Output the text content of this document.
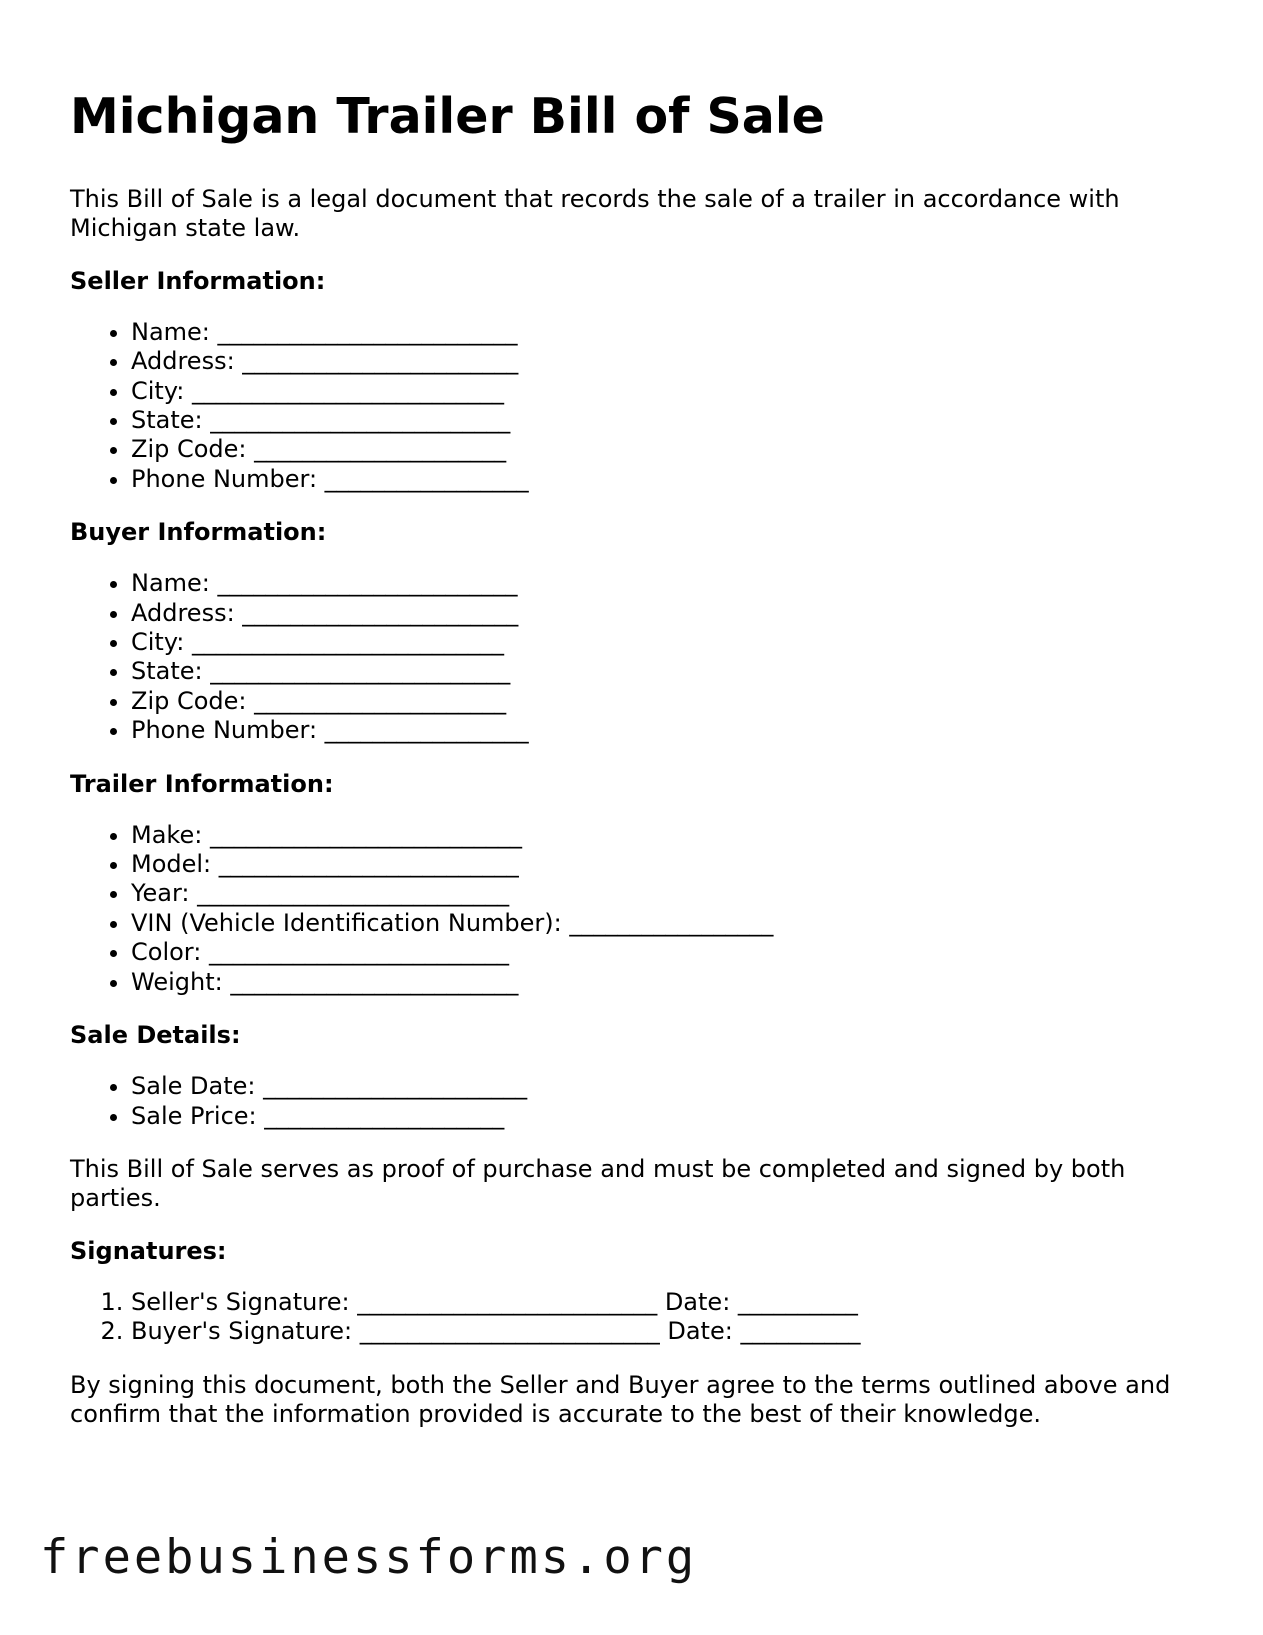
Michigan Trailer Bill of Sale

This Bill of Sale is a legal document that records the sale of a trailer in accordance with Michigan state law.

Seller Information:
• Name: _________________________
• Address: _______________________
• City: __________________________
• State: _________________________
• Zip Code: _____________________
• Phone Number: _________________
Buyer Information:
• Name: _________________________
• Address: _______________________
• City: __________________________
• State: _________________________
• Zip Code: _____________________
• Phone Number: _________________
Trailer Information:
• Make: __________________________
• Model: _________________________
• Year: __________________________
• VIN (Vehicle Identification Number): _________________
• Color: _________________________
• Weight: ________________________
Sale Details:
• Sale Date: ______________________
• Sale Price: ____________________

This Bill of Sale serves as proof of purchase and must be completed and signed by both parties.

Signatures:
1. Seller's Signature: _________________________ Date: __________
2. Buyer's Signature: _________________________ Date: __________

By signing this document, both the Seller and Buyer agree to the terms outlined above and confirm that the information provided is accurate to the best of their knowledge.

freebusinessforms.org
